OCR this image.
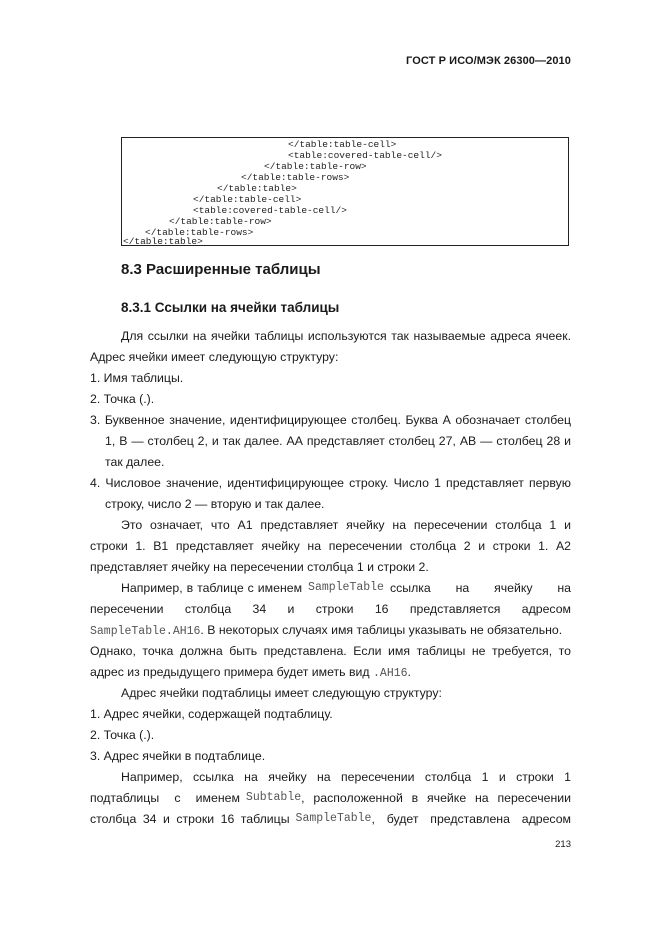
ГОСТ Р ИСО/МЭК 26300—2010
</table:table-cell>
<table:covered-table-cell/>
</table:table-row>
</table:table-rows>
</table:table>
</table:table-cell>
<table:covered-table-cell/>
</table:table-row>
</table:table-rows>
</table:table>
8.3 Расширенные таблицы
8.3.1 Ссылки на ячейки таблицы
Для ссылки на ячейки таблицы используются так называемые адреса ячеек.
Адрес ячейки имеет следующую структуру:
1. Имя таблицы.
2. Точка (.).
3. Буквенное значение, идентифицирующее столбец. Буква А обозначает столбец
1, В — столбец 2, и так далее. АА представляет столбец 27, АВ — столбец 28 и
так далее.
4. Числовое значение, идентифицирующее строку. Число 1 представляет первую
строку, число 2 — вторую и так далее.
Это означает, что А1 представляет ячейку на пересечении столбца 1 и
строки 1. В1 представляет ячейку на пересечении столбца 2 и строки 1. А2
представляет ячейку на пересечении столбца 1 и строки 2.
Например, в таблице с именем SampleTable ссылка на ячейку на
пересечении столбца 34 и строки 16 представляется адресом
SampleTable.AH16. В некоторых случаях имя таблицы указывать не обязательно.
Однако, точка должна быть представлена. Если имя таблицы не требуется, то
адрес из предыдущего примера будет иметь вид .AH16.
Адрес ячейки подтаблицы имеет следующую структуру:
1. Адрес ячейки, содержащей подтаблицу.
2. Точка (.).
3. Адрес ячейки в подтаблице.
Например, ссылка на ячейку на пересечении столбца 1 и строки 1
подтаблицы с именем Subtable , расположенной в ячейке на пересечении
столбца 34 и строки 16 таблицы SampleTable , будет представлена адресом
213
